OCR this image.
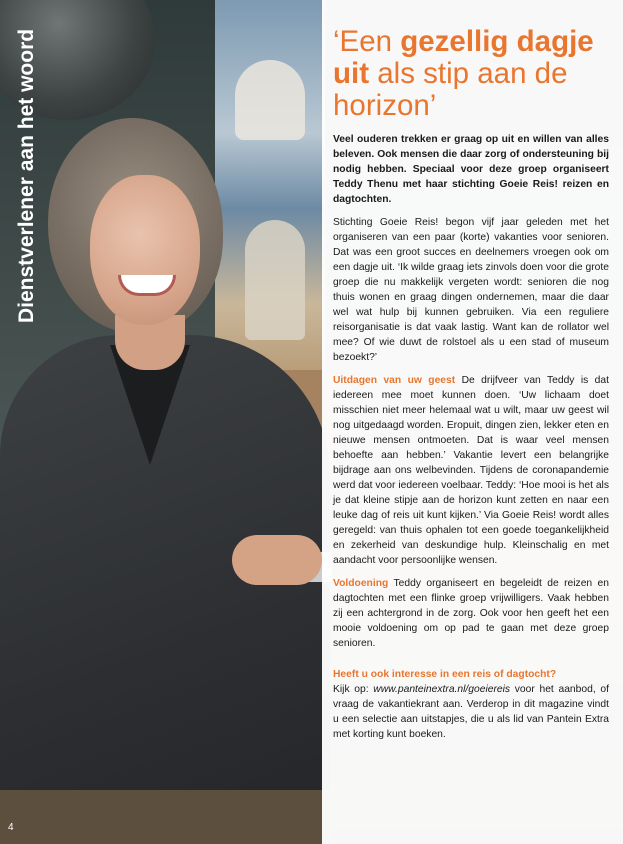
Dienstverlener aan het woord
4
‘Een gezellig dagje uit als stip aan de horizon’

Veel ouderen trekken er graag op uit en willen van alles beleven. Ook mensen die daar zorg of ondersteuning bij nodig hebben. Speciaal voor deze groep organiseert Teddy Thenu met haar stichting Goeie Reis! reizen en dagtochten.

Stichting Goeie Reis! begon vijf jaar geleden met het organiseren van een paar (korte) vakanties voor senioren. Dat was een groot succes en deelnemers vroegen ook om een dagje uit. ‘Ik wilde graag iets zinvols doen voor die grote groep die nu makkelijk vergeten wordt: senioren die nog thuis wonen en graag dingen ondernemen, maar die daar wel wat hulp bij kunnen gebruiken. Via een reguliere reisorganisatie is dat vaak lastig. Want kan de rollator wel mee? Of wie duwt de rolstoel als u een stad of museum bezoekt?’

Uitdagen van uw geest De drijfveer van Teddy is dat iedereen mee moet kunnen doen. ‘Uw lichaam doet misschien niet meer helemaal wat u wilt, maar uw geest wil nog uitgedaagd worden. Eropuit, dingen zien, lekker eten en nieuwe mensen ontmoeten. Dat is waar veel mensen behoefte aan hebben.’ Vakantie levert een belangrijke bijdrage aan ons welbevinden. Tijdens de coronapandemie werd dat voor iedereen voelbaar. Teddy: ‘Hoe mooi is het als je dat kleine stipje aan de horizon kunt zetten en naar een leuke dag of reis uit kunt kijken.’ Via Goeie Reis! wordt alles geregeld: van thuis ophalen tot een goede toegankelijkheid en zekerheid van deskundige hulp. Kleinschalig en met aandacht voor persoonlijke wensen.

Voldoening Teddy organiseert en begeleidt de reizen en dagtochten met een flinke groep vrijwilligers. Vaak hebben zij een achtergrond in de zorg. Ook voor hen geeft het een mooie voldoening om op pad te gaan met deze groep senioren.

Heeft u ook interesse in een reis of dagtocht?

Kijk op: www.panteinextra.nl/goeiereis voor het aanbod, of vraag de vakantiekrant aan. Verderop in dit magazine vindt u een selectie aan uitstapjes, die u als lid van Pantein Extra met korting kunt boeken.
